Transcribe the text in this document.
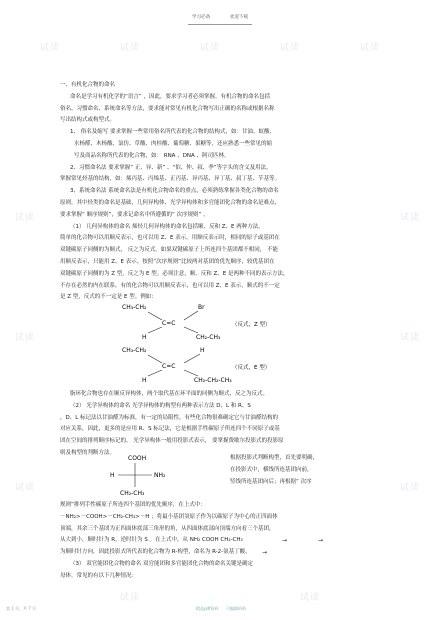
学习必备	欢迎下载
试读	试读	试读	试读	试读
试读
试读
试读
试读
试读
试读
试读	试读

一、有机化合物的命名

命名是学习有机化学的“语言” ，因此，要求学习者必须掌握。有机合物的命名包括

俗名、习惯命名、系统命名等方法，要求能对常见有机化合物写出正确的名称或根据名称

写出结构式或构型式。

1、 俗名及缩写 要求掌握一些常用俗名所代表的化合物的结构式，如：甘油、蚁酸、

水杨醛、木杨酸、氯仿、草酸、肉桂酸、葡萄糖、果糖等，还应熟悉一些常见的缩

写及商品名称所代表的化合物，如： RNA 、DNA 、阿司匹林。

2、习惯命名法 要求掌握“ 正、异、新” 、“伯、仲、叔、季”等字头的含义及用法，

掌握常见烃基的结构，如：烯丙基、丙烯基、正丙基、异丙基、异丁基、叔丁基、苄基等。

3、系统命名法 系统命名法是有机化合物命名的重点，必须熟练掌握各类化合物的命名

原则。其中烃类的命名是基础，几何异构体、光学异构体和多官能团化合物的命名是难点，

要求掌握“ 顺序规则”，要求记命名中所遵循的“ 次序规则” 。

（1） 几何异构体的命名 烯烃几何异构体的命名包括顺、反和 Z、E 两种方法。

简单的化合物可以用顺反表示，也可以用 Z、E 表示。用顺反表示时，相同的原子或基团在

双键碳原子同侧的为顺式， 反之为反式。如果双键碳原子上所连四个基团都不相同， 不能

用顺反表示，只能用 Z、E 表示。按照“次序规则”比较两对基团的优先顺序，较优基团在

双键碳原子同侧的为 Z 型，反之为 E 型。必须注意，顺、反和 Z、E 是两种不同的表示方法，

不存在必然的内在联系。有的化合物可以用顺反表示，也可以用 Z、E 表示，顺式的不一定

是 Z 型，反式的不一定是 E 型。例如：

CH₃-CH₂	Br
C=C
H	CH₂-CH₃
（反式，Z 型）
CH₃-CH₂	H
C=C
H	CH₂-CH₂-CH₃
（反式，E 型）

脂环化合物也存在顺反异构体，两个取代基在环平面的同侧为顺式，反之为反式。

（2） 光学异构体的命名 光学异构体的构型有两种表示方法 D、L 和 R、S

，D、L 标记法以甘油醛为标准，有一定的局限性，有些化合物很难确定它与甘油醛结构的

对应关系，因此，更多的是应用 R、S 标记法，它是根据手性碳原子所连四个不同原子或基

团在空间的排列顺序标记的。 光学异构体一般用投影式表示， 要掌握费歇尔投影式的投影原

则及构型的判断方法。

COOH
H	NH₂
CH₂-CH₃

根据投影式判断构型，首先要明确，

在投影式中，横线所连基团向前，

竖线所连基团向后；再根据“ 次序

规则”排列手性碳原子所连四个基团的优先顺序，在上式中：

－NH₂>－COOH>－CH₂-CH₃>－H ；将最小基团氢原子作为以碳原子为中心的正四面体

顶端，其余三个基团为正四面体底部三角形的角，从四面体底部向顶端方向看三个基团，

从大到小，顺时针为 R，逆时针为 S 。在上式中，从 NH₂ COOH CH₂-CH₃

为顺时针方向，因此投影式所代表的化合物为 R-构型，命名为 R-2-氨基丁酸。

（3） 双官能团化合物的命名 双官能团和多官能团化合物的命名关键是确定

母体。常见的有以下几种情况：

→	→
→
第 1 页，共 7 页	精品pdf资料 可编辑资料
